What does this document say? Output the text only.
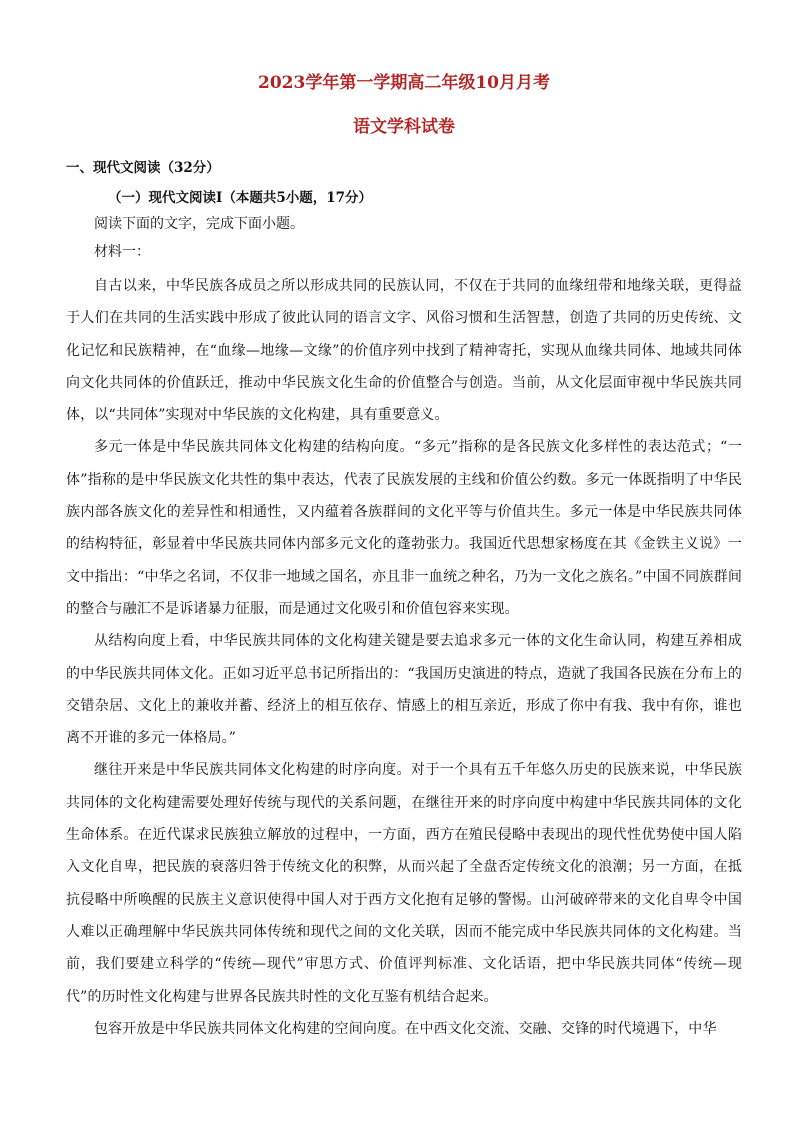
2023学年第一学期高二年级10月月考
语文学科试卷
一、现代文阅读（32分）
（一）现代文阅读I（本题共5小题，17分）
阅读下面的文字，完成下面小题。
材料一：

自古以来，中华民族各成员之所以形成共同的民族认同，不仅在于共同的血缘纽带和地缘关联，更得益于人们在共同的生活实践中形成了彼此认同的语言文字、风俗习惯和生活智慧，创造了共同的历史传统、文化记忆和民族精神，在“血缘—地缘—文缘”的价值序列中找到了精神寄托，实现从血缘共同体、地域共同体向文化共同体的价值跃迁，推动中华民族文化生命的价值整合与创造。当前，从文化层面审视中华民族共同体，以“共同体”实现对中华民族的文化构建，具有重要意义。

多元一体是中华民族共同体文化构建的结构向度。“多元”指称的是各民族文化多样性的表达范式；“一体”指称的是中华民族文化共性的集中表达，代表了民族发展的主线和价值公约数。多元一体既指明了中华民族内部各族文化的差异性和相通性，又内蕴着各族群间的文化平等与价值共生。多元一体是中华民族共同体的结构特征，彰显着中华民族共同体内部多元文化的蓬勃张力。我国近代思想家杨度在其《金铁主义说》一文中指出：“中华之名词，不仅非一地域之国名，亦且非一血统之种名，乃为一文化之族名。”中国不同族群间的整合与融汇不是诉诸暴力征服，而是通过文化吸引和价值包容来实现。

从结构向度上看，中华民族共同体的文化构建关键是要去追求多元一体的文化生命认同，构建互养相成的中华民族共同体文化。正如习近平总书记所指出的：“我国历史演进的特点，造就了我国各民族在分布上的交错杂居、文化上的兼收并蓄、经济上的相互依存、情感上的相互亲近，形成了你中有我、我中有你，谁也离不开谁的多元一体格局。”

继往开来是中华民族共同体文化构建的时序向度。对于一个具有五千年悠久历史的民族来说，中华民族共同体的文化构建需要处理好传统与现代的关系问题，在继往开来的时序向度中构建中华民族共同体的文化生命体系。在近代谋求民族独立解放的过程中，一方面，西方在殖民侵略中表现出的现代性优势使中国人陷入文化自卑，把民族的衰落归咎于传统文化的积弊，从而兴起了全盘否定传统文化的浪潮；另一方面，在抵抗侵略中所唤醒的民族主义意识使得中国人对于西方文化抱有足够的警惕。山河破碎带来的文化自卑令中国人难以正确理解中华民族共同体传统和现代之间的文化关联，因而不能完成中华民族共同体的文化构建。当前，我们要建立科学的“传统—现代”审思方式、价值评判标准、文化话语，把中华民族共同体“传统—现代”的历时性文化构建与世界各民族共时性的文化互鉴有机结合起来。

包容开放是中华民族共同体文化构建的空间向度。在中西文化交流、交融、交锋的时代境遇下，中华
